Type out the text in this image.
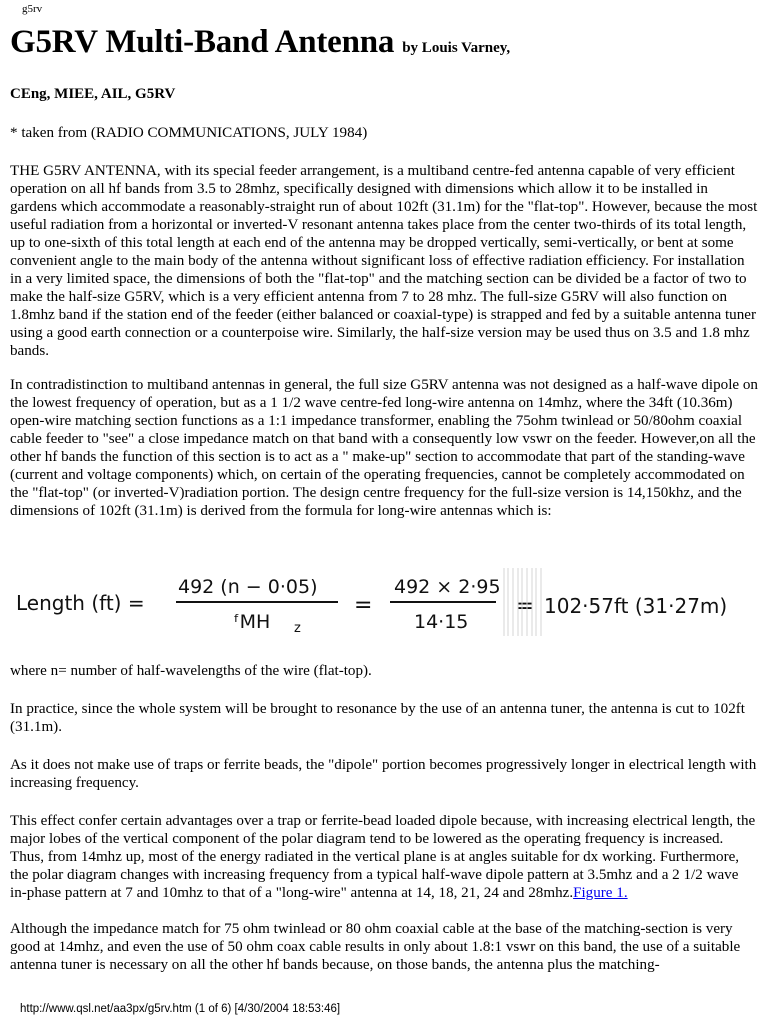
g5rv
G5RV Multi-Band Antenna by Louis Varney,
CEng, MIEE, AIL, G5RV

* taken from (RADIO COMMUNICATIONS, JULY 1984)

THE G5RV ANTENNA, with its special feeder arrangement, is a multiband centre-fed antenna capable of very efficient operation on all hf bands from 3.5 to 28mhz, specifically designed with dimensions which allow it to be installed in gardens which accommodate a reasonably-straight run of about 102ft (31.1m) for the "flat-top". However, because the most useful radiation from a horizontal or inverted-V resonant antenna takes place from the center two-thirds of its total length, up to one-sixth of this total length at each end of the antenna may be dropped vertically, semi-vertically, or bent at some convenient angle to the main body of the antenna without significant loss of effective radiation efficiency. For installation in a very limited space, the dimensions of both the "flat-top" and the matching section can be divided be a factor of two to make the half-size G5RV, which is a very efficient antenna from 7 to 28 mhz. The full-size G5RV will also function on 1.8mhz band if the station end of the feeder (either balanced or coaxial-type) is strapped and fed by a suitable antenna tuner using a good earth connection or a counterpoise wire. Similarly, the half-size version may be used thus on 3.5 and 1.8 mhz bands.

In contradistinction to multiband antennas in general, the full size G5RV antenna was not designed as a half-wave dipole on the lowest frequency of operation, but as a 1 1/2 wave centre-fed long-wire antenna on 14mhz, where the 34ft (10.36m) open-wire matching section functions as a 1:1 impedance transformer, enabling the 75ohm twinlead or 50/80ohm coaxial cable feeder to "see" a close impedance match on that band with a consequently low vswr on the feeder. However,on all the other hf bands the function of this section is to act as a " make-up" section to accommodate that part of the standing-wave (current and voltage components) which, on certain of the operating frequencies, cannot be completely accommodated on the "flat-top" (or inverted-V)radiation portion. The design centre frequency for the full-size version is 14,150khz, and the dimensions of 102ft (31.1m) is derived from the formula for long-wire antennas which is:

Length (ft) =
492 (n − 0·05)
ᶠMH z
=
492 × 2·95
14·15
= 102·57ft (31·27m)

where n= number of half-wavelengths of the wire (flat-top).

In practice, since the whole system will be brought to resonance by the use of an antenna tuner, the antenna is cut to 102ft (31.1m).

As it does not make use of traps or ferrite beads, the "dipole" portion becomes progressively longer in electrical length with increasing frequency.

This effect confer certain advantages over a trap or ferrite-bead loaded dipole because, with increasing electrical length, the major lobes of the vertical component of the polar diagram tend to be lowered as the operating frequency is increased. Thus, from 14mhz up, most of the energy radiated in the vertical plane is at angles suitable for dx working. Furthermore, the polar diagram changes with increasing frequency from a typical half-wave dipole pattern at 3.5mhz and a 2 1/2 wave in-phase pattern at 7 and 10mhz to that of a "long-wire" antenna at 14, 18, 21, 24 and 28mhz.Figure 1.

Although the impedance match for 75 ohm twinlead or 80 ohm coaxial cable at the base of the matching-section is very good at 14mhz, and even the use of 50 ohm coax cable results in only about 1.8:1 vswr on this band, the use of a suitable antenna tuner is necessary on all the other hf bands because, on those bands, the antenna plus the matching-

http://www.qsl.net/aa3px/g5rv.htm (1 of 6) [4/30/2004 18:53:46]
